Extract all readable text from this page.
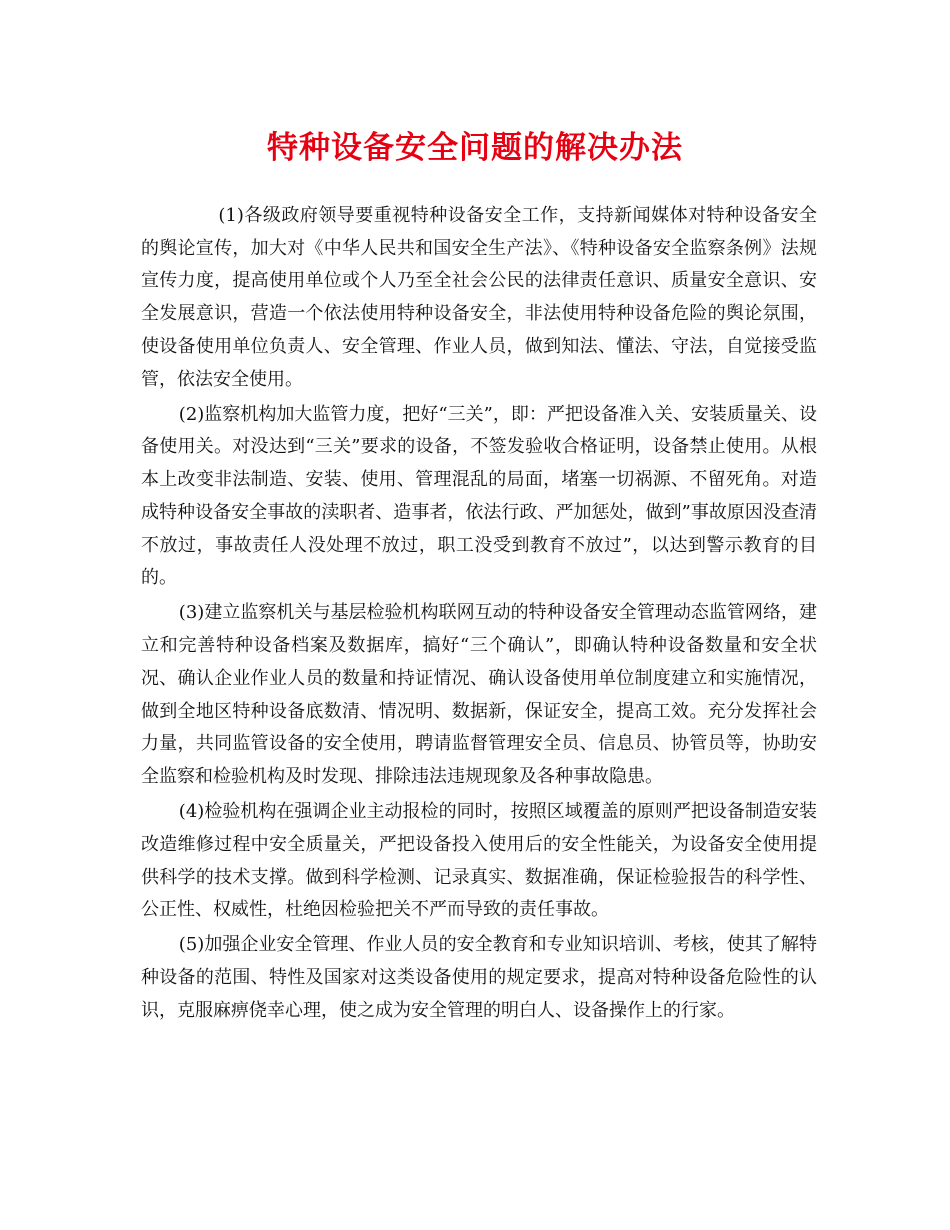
特种设备安全问题的解决办法

(1)各级政府领导要重视特种设备安全工作，支持新闻媒体对特种设备安全的舆论宣传，加大对《中华人民共和国安全生产法》、《特种设备安全监察条例》法规宣传力度，提高使用单位或个人乃至全社会公民的法律责任意识、质量安全意识、安全发展意识，营造一个依法使用特种设备安全，非法使用特种设备危险的舆论氛围，使设备使用单位负责人、安全管理、作业人员，做到知法、懂法、守法，自觉接受监管，依法安全使用。

(2)监察机构加大监管力度，把好“三关”，即：严把设备准入关、安装质量关、设备使用关。对没达到“三关”要求的设备，不签发验收合格证明，设备禁止使用。从根本上改变非法制造、安装、使用、管理混乱的局面，堵塞一切祸源、不留死角。对造成特种设备安全事故的渎职者、造事者，依法行政、严加惩处，做到”事故原因没查清不放过，事故责任人没处理不放过，职工没受到教育不放过”，以达到警示教育的目的。

(3)建立监察机关与基层检验机构联网互动的特种设备安全管理动态监管网络，建立和完善特种设备档案及数据库，搞好“三个确认”，即确认特种设备数量和安全状况、确认企业作业人员的数量和持证情况、确认设备使用单位制度建立和实施情况，做到全地区特种设备底数清、情况明、数据新，保证安全，提高工效。充分发挥社会力量，共同监管设备的安全使用，聘请监督管理安全员、信息员、协管员等，协助安全监察和检验机构及时发现、排除违法违规现象及各种事故隐患。

(4)检验机构在强调企业主动报检的同时，按照区域覆盖的原则严把设备制造安装改造维修过程中安全质量关，严把设备投入使用后的安全性能关，为设备安全使用提供科学的技术支撑。做到科学检测、记录真实、数据准确，保证检验报告的科学性、公正性、权威性，杜绝因检验把关不严而导致的责任事故。

(5)加强企业安全管理、作业人员的安全教育和专业知识培训、考核，使其了解特种设备的范围、特性及国家对这类设备使用的规定要求，提高对特种设备危险性的认识，克服麻痹侥幸心理，使之成为安全管理的明白人、设备操作上的行家。
